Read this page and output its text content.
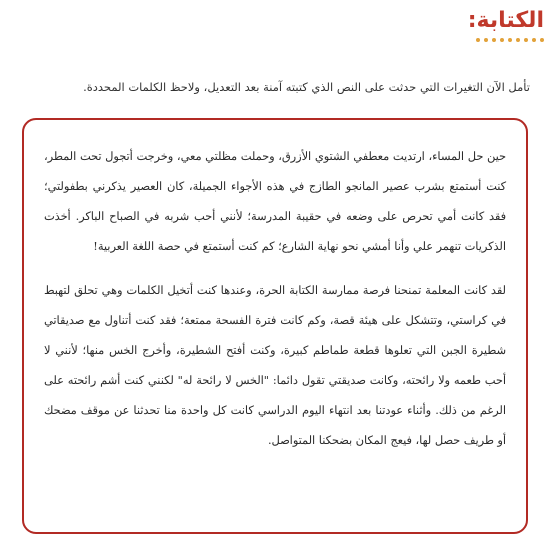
الكتابة:
تأمل الآن التغيرات التي حدثت على النص الذي كتبته آمنة بعد التعديل، ولاحظ الكلمات المحددة.

حين حل المساء، ارتديت معطفي الشتوي الأزرق، وحملت مظلتي معي، وخرجت أتجول تحت المطر، كنت أستمتع بشرب عصير المانجو الطازج في هذه الأجواء الجميلة، كان العصير يذكرني بطفولتي؛ فقد كانت أمي تحرص على وضعه في حقيبة المدرسة؛ لأنني أحب شربه في الصباح الباكر. أخذت الذكريات تنهمر علي وأنا أمشي نحو نهاية الشارع؛ كم كنت أستمتع في حصة اللغة العربية!

لقد كانت المعلمة تمنحنا فرصة ممارسة الكتابة الحرة، وعندها كنت أتخيل الكلمات وهي تحلق لتهبط في كراستي، وتتشكل على هيئة قصة، وكم كانت فترة الفسحة ممتعة؛ فقد كنت أتناول مع صديقاتي شطيرة الجبن التي تعلوها قطعة طماطم كبيرة، وكنت أفتح الشطيرة، وأخرج الخس منها؛ لأنني لا أحب طعمه ولا رائحته، وكانت صديقتي تقول دائما: "الخس لا رائحة له" لكنني كنت أشم رائحته على الرغم من ذلك. وأثناء عودتنا بعد انتهاء اليوم الدراسي كانت كل واحدة منا تحدثنا عن موقف مضحك أو طريف حصل لها، فيعج المكان بضحكنا المتواصل.
